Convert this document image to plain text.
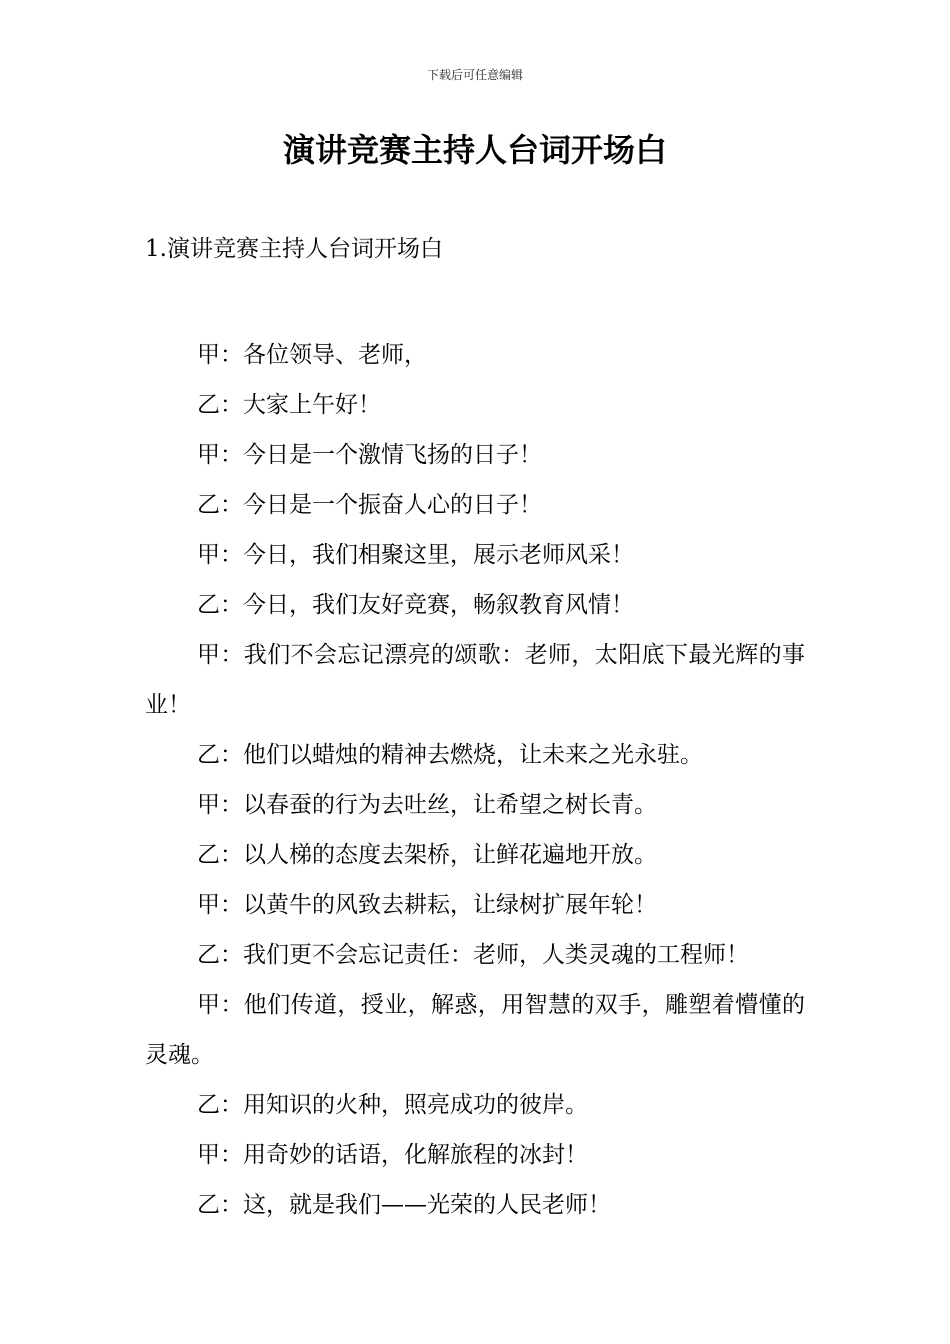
下载后可任意编辑
演讲竞赛主持人台词开场白

1.演讲竞赛主持人台词开场白

甲：各位领导、老师，

乙：大家上午好！

甲：今日是一个激情飞扬的日子！

乙：今日是一个振奋人心的日子！

甲：今日，我们相聚这里，展示老师风采！

乙：今日，我们友好竞赛，畅叙教育风情！

甲：我们不会忘记漂亮的颂歌：老师，太阳底下最光辉的事业！

乙：他们以蜡烛的精神去燃烧，让未来之光永驻。

甲：以春蚕的行为去吐丝，让希望之树长青。

乙：以人梯的态度去架桥，让鲜花遍地开放。

甲：以黄牛的风致去耕耘，让绿树扩展年轮！

乙：我们更不会忘记责任：老师，人类灵魂的工程师！

甲：他们传道，授业，解惑，用智慧的双手，雕塑着懵懂的灵魂。

乙：用知识的火种，照亮成功的彼岸。

甲：用奇妙的话语，化解旅程的冰封！

乙：这，就是我们——光荣的人民老师！
